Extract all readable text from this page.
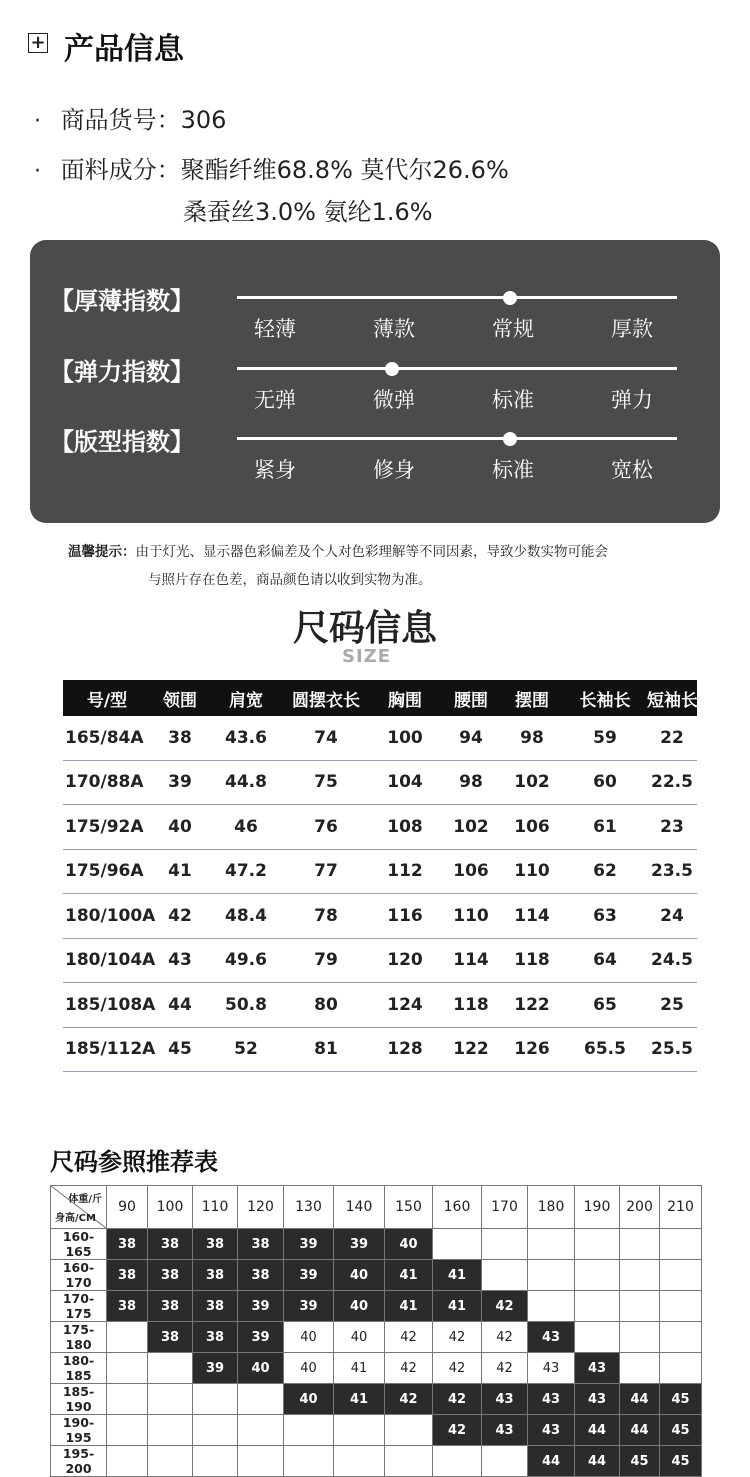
+ 产品信息
· 商品货号：306
· 面料成分：聚酯纤维68.8% 莫代尔26.6%
桑蚕丝3.0% 氨纶1.6%
【厚薄指数】
轻薄	薄款	常规	厚款
【弹力指数】
无弹	微弹	标准	弹力
【版型指数】
紧身	修身	标准	宽松
温馨提示：由于灯光、显示器色彩偏差及个人对色彩理解等不同因素，导致少数实物可能会
与照片存在色差，商品颜色请以收到实物为准。
尺码信息
SIZE
号/型	领围	肩宽	圆摆衣长	胸围	腰围	摆围	长袖长	短袖长
165/84A	38	43.6	74	100	94	98	59	22
170/88A	39	44.8	75	104	98	102	60	22.5
175/92A	40	46	76	108	102	106	61	23
175/96A	41	47.2	77	112	106	110	62	23.5
180/100A	42	48.4	78	116	110	114	63	24
180/104A	43	49.6	79	120	114	118	64	24.5
185/108A	44	50.8	80	124	118	122	65	25
185/112A	45	52	81	128	122	126	65.5	25.5
尺码参照推荐表
体重/斤
身高/CM	90	100	110	120	130	140	150	160	170	180	190	200	210
160-165	38	38	38	38	39	39	40						
160-170	38	38	38	38	39	40	41	41					
170-175	38	38	38	39	39	40	41	41	42				
175-180		38	38	39	40	40	42	42	42	43			
180-185			39	40	40	41	42	42	42	43	43		
185-190					40	41	42	42	43	43	43	44	45
190-195								42	43	43	44	44	45
195-200										44	44	45	45
